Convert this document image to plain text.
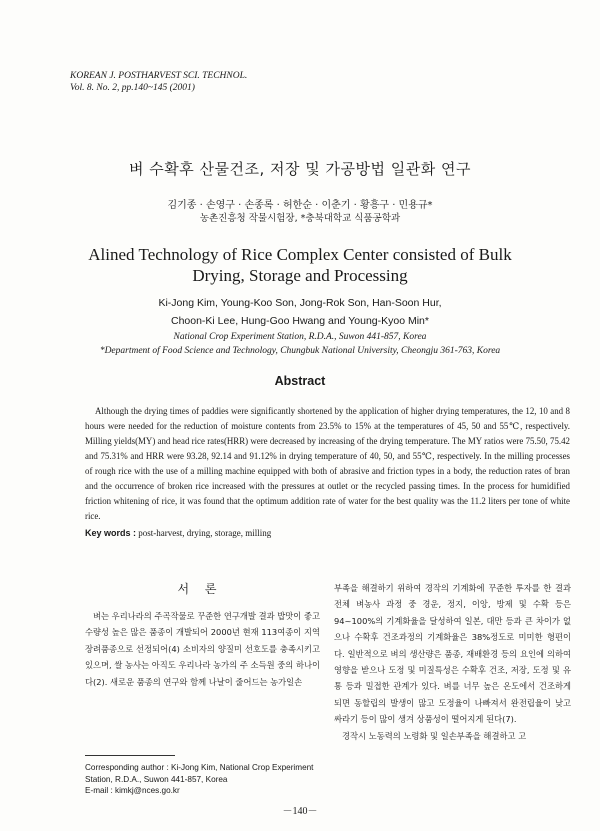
KOREAN J. POSTHARVEST SCI. TECHNOL.
Vol. 8. No. 2, pp.140~145 (2001)
벼 수확후 산물건조, 저장 및 가공방법 일관화 연구
김기종 · 손영구 · 손종록 · 허한순 · 이춘기 · 황흥구 · 민용규*
농촌진흥청 작물시험장, *충북대학교 식품공학과
Alined Technology of Rice Complex Center consisted of Bulk Drying, Storage and Processing
Ki-Jong Kim, Young-Koo Son, Jong-Rok Son, Han-Soon Hur,
Choon-Ki Lee, Hung-Goo Hwang and Young-Kyoo Min*
National Crop Experiment Station, R.D.A., Suwon 441-857, Korea
*Department of Food Science and Technology, Chungbuk National University, Cheongju 361-763, Korea
Abstract
Although the drying times of paddies were significantly shortened by the application of higher drying temperatures, the 12, 10 and 8 hours were needed for the reduction of moisture contents from 23.5% to 15% at the temperatures of 45, 50 and 55℃, respectively. Milling yields(MY) and head rice rates(HRR) were decreased by increasing of the drying temperature. The MY ratios were 75.50, 75.42 and 75.31% and HRR were 93.28, 92.14 and 91.12% in drying temperature of 40, 50, and 55℃, respectively. In the milling processes of rough rice with the use of a milling machine equipped with both of abrasive and friction types in a body, the reduction rates of bran and the occurrence of broken rice increased with the pressures at outlet or the recycled passing times. In the process for humidified friction whitening of rice, it was found that the optimum addition rate of water for the best quality was the 11.2 liters per tone of white rice.
Key words : post-harvest, drying, storage, milling
서 론
벼는 우리나라의 주곡작물로 꾸준한 연구개발 결과 밥맛이 좋고 수량성 높은 많은 품종이 개발되어 2000년 현재 113여종이 지역 장려품종으로 선정되어(4) 소비자의 양질미 선호도를 충족시키고 있으며, 쌀 농사는 아직도 우리나라 농가의 주 소득원 중의 하나이다(2). 새로운 품종의 연구와 함께 나날이 줄어드는 농가일손

부족을 해결하기 위하여 경작의 기계화에 꾸준한 투자를 한 결과 전체 벼농사 과정 중 경운, 정지, 이앙, 방제 및 수확 등은 94~100%의 기계화율을 달성하여 일본, 대만 등과 큰 차이가 없으나 수확후 건조과정의 기계화율은 38%정도로 미미한 형편이다. 일반적으로 벼의 생산량은 품종, 재배환경 등의 요인에 의하여 영향을 받으나 도정 및 미질특성은 수확후 건조, 저장, 도정 및 유통 등과 밀접한 관계가 있다. 벼를 너무 높은 온도에서 건조하게 되면 동할립의 발생이 많고 도정율이 나빠져서 완전립율이 낮고 싸라기 등이 많이 생겨 상품성이 떨어지게 된다(7).

경작시 노동력의 노령화 및 일손부족을 해결하고 고

Corresponding author : Ki-Jong Kim, National Crop Experiment Station, R.D.A., Suwon 441-857, Korea
E-mail : kimkj@nces.go.kr
－140－
